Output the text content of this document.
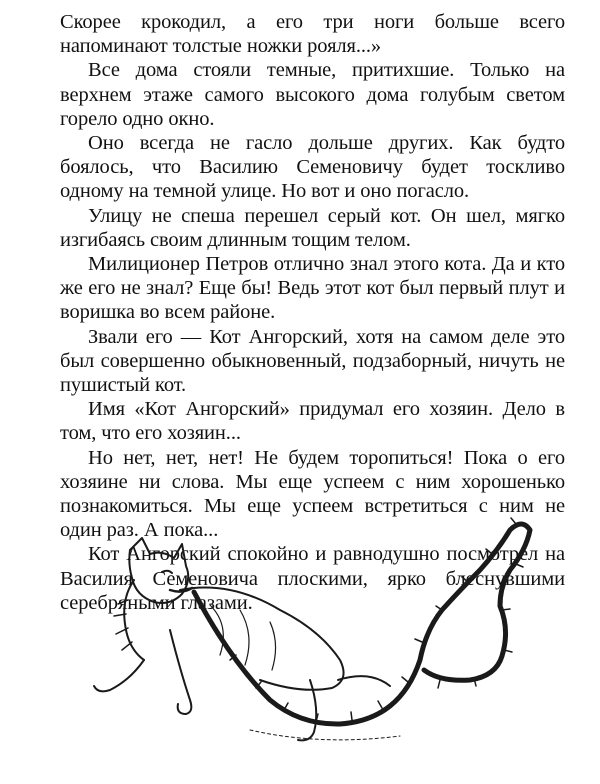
Скорее крокодил, а его три ноги больше всего напоминают толстые ножки рояля...»

Все дома стояли темные, притихшие. Только на верхнем этаже самого высокого дома голубым светом горело одно окно.

Оно всегда не гасло дольше других. Как будто боялось, что Василию Семеновичу будет тоскливо одному на темной улице. Но вот и оно погасло.

Улицу не спеша перешел серый кот. Он шел, мягко изгибаясь своим длинным тощим телом.

Милиционер Петров отлично знал этого кота. Да и кто же его не знал? Еще бы! Ведь этот кот был первый плут и воришка во всем районе.

Звали его — Кот Ангорский, хотя на самом деле это был совершенно обыкновенный, подзаборный, ничуть не пушистый кот.

Имя «Кот Ангорский» придумал его хозяин. Дело в том, что его хозяин...

Но нет, нет, нет! Не будем торопиться! Пока о его хозяине ни слова. Мы еще успеем с ним хорошенько познакомиться. Мы еще успеем встретиться с ним не один раз. А пока...

Кот Ангорский спокойно и равнодушно посмотрел на Василия Семеновича плоскими, ярко блеснувшими серебряными глазами.
